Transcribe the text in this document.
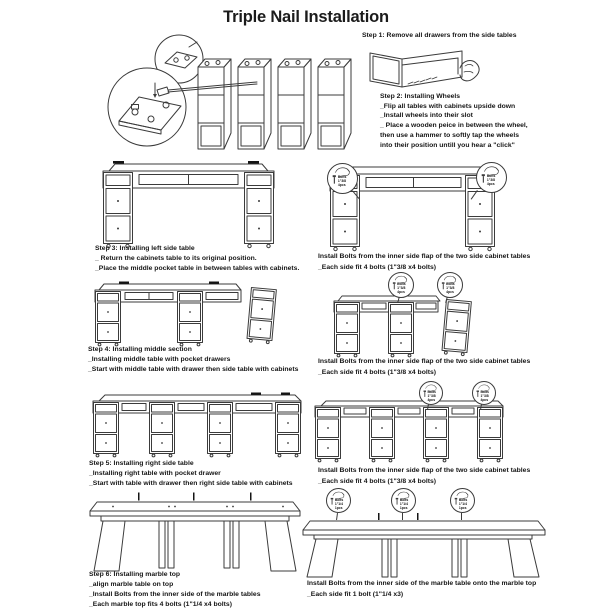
Triple Nail Installation
Step 1: Remove all drawers from the side tables
Step 2: Installing Wheels
_Flip all tables with cabinets upside down
_Install wheels into their slot
_ Place a wooden peice in between the wheel,
then use a hammer to softly tap the wheels
into their position untill you hear a "click"
Step 3: Installing left side table
_ Return the cabinets table to its original position.
_Place the middle pocket table in between tables with cabinets.
Bolts
1"3/8
4pcs
Bolts
1"3/8
4pcs
Install Bolts from the inner side flap of the two side cabinet tables
_Each side fit 4 bolts (1"3/8 x4 bolts)
Step 4: Installing middle section
_Installing middle table with pocket drawers
_Start with middle table with drawer then side table with cabinets
Bolts
1"3/8
4pcs
Bolts
1"3/8
4pcs
Install Bolts from the inner side flap of the two side cabinet tables
_Each side fit 4 bolts (1"3/8 x4 bolts)
Step 5: Installing right side table
_Installing right table with pocket drawer
_Start with table with drawer then right side table with cabinets
Bolts
1"3/8
4pcs
Bolts
1"3/8
4pcs
Install Bolts from the inner side flap of the two side cabinet tables
_Each side fit 4 bolts (1"3/8 x4 bolts)
Step 6: Installing marble top
_align marble table on top
_Install Bolts from the inner side of the marble tables
_Each marble top fits 4 bolts (1"1/4 x4 bolts)
Bolts
1"1/4
1pcs
Bolts
1"1/4
1pcs
Bolts
1"1/4
1pcs
Install Bolts from the inner side of the marble table onto the marble top
_Each side fit 1 bolt (1"1/4 x3)
